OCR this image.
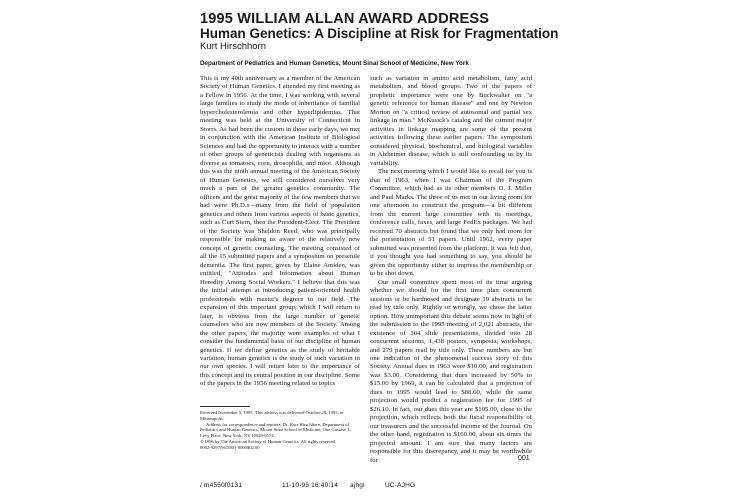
1995 WILLIAM ALLAN AWARD ADDRESS
Human Genetics: A Discipline at Risk for Fragmentation
Kurt Hirschhorn
Department of Pediatrics and Human Genetics, Mount Sinai School of Medicine, New York

This is my 40th anniversary as a member of the American Society of Human Genetics. I attended my first meeting as a Fellow in 1956. At the time, I was working with several large families to study the mode of inheritance of familial hypercholesterolemia and other hyperlipidemias. That meeting was held at the University of Connecticut in Storrs. As had been the custom in those early days, we met in conjunction with the American Institute of Biological Sciences and had the opportunity to interact with a number of other groups of geneticists dealing with organisms as diverse as tomatoes, corn, drosophila, and mice. Although this was the ninth annual meeting of the American Society of Human Genetics, we still considered ourselves very much a part of the greater genetics community. The officers and the great majority of the few members that we had were Ph.D.s—many from the field of population genetics and others from various aspects of basic genetics, such as Curt Stern, then the President-Elect. The President of the Society was Sheldon Reed, who was principally responsible for making us aware of the relatively new concept of genetic counseling. The meeting consisted of all the 15 submitted papers and a symposium on presenile dementia. The first paper, given by Elaine Amiden, was entitled, "Attitudes and Information about Human Heredity Among Social Workers." I believe that this was the initial attempt at introducing patient-oriented health professionals with master's degrees to our field. The expansion of this important group, which I will return to later, is obvious from the large number of genetic counselors who are now members of the Society. Among the other papers, the majority were examples of what I consider the fundamental basis of our discipline of human genetics. If we define genetics as the study of heritable variation, human genetics is the study of such variation in our own species. I will return later to the importance of this concept and its central position in our discipline. Some of the papers in the 1956 meeting related to topics

such as variation in amino acid metabolism, fatty acid metabolism, and blood groups. Two of the papers of prophetic importance were one by Buckwalter on "a genetic reference for human disease" and one by Newton Morton on "a critical review of autosomal and partial sex linkage in man." McKusick's catalog and the current major activities in linkage mapping are some of the present activities following these earlier papers. The symposium considered physical, biochemical, and biological variables in Alzheimer disease, which is still confounding us by its variability.

The next meeting which I would like to recall for you is that of 1963, when I was Chairman of the Program Committee, which had as its other members O. J. Miller and Paul Marks. The three of us met in our living room for one afternoon to construct the program—a bit different from the current large committee with its meetings, conference calls, faxes, and large FedEx packages. We had received 70 abstracts but found that we only had room for the presentation of 51 papers. Until 1962, every paper submitted was presented from the platform. It was felt that, if you thought you had something to say, you should be given the opportunity either to impress the membership or to be shot down.

Our small committee spent most of its time arguing whether we should for the first time plan concurrent sessions or be hardnosed and designate 19 abstracts to be read by title only. Rightly or wrongly, we chose the latter option. How unimportant this debate seems now in light of the submission to the 1995 meeting of 2,021 abstracts, the existence of 304 slide presentations, divided into 28 concurrent sessions, 1,438 posters, symposia, workshops, and 279 papers read by title only. These numbers are but one indication of the phenomenal success story of this Society. Annual dues in 1963 were $10.00, and registration was $3.00. Considering that dues increased by 50% to $15.00 by 1969, it can be calculated that a projection of dues to 1995 would lead to $88.60, while the same projection would predict a registration fee for 1995 of $26.10. In fact, our dues this year are $105.00, close to the projection, which reflects both the fiscal responsibility of our treasurers and the successful income of the Journal. On the other hand, registration is $160.00, about six times the projected amount. I am sure that many factors are responsible for this discrepancy, and it may be worthwhile for

Received November 3, 1995. This address was delivered October 28, 1995, in Minneapolis.

Address for correspondence and reprints: Dr. Kurt Hirschhorn, Department of Pediatrics and Human Genetics, Mount Sinai School of Medicine, One Gustave L. Levy Place, New York, NY 10029-6574.

© 1996 by The American Society of Human Genetics. All rights reserved.

0002-9297/96/5801-0000$02.00

001
/ m4550f0131	11-10-95 16:40:14 ajhgl	UC-AJHG
